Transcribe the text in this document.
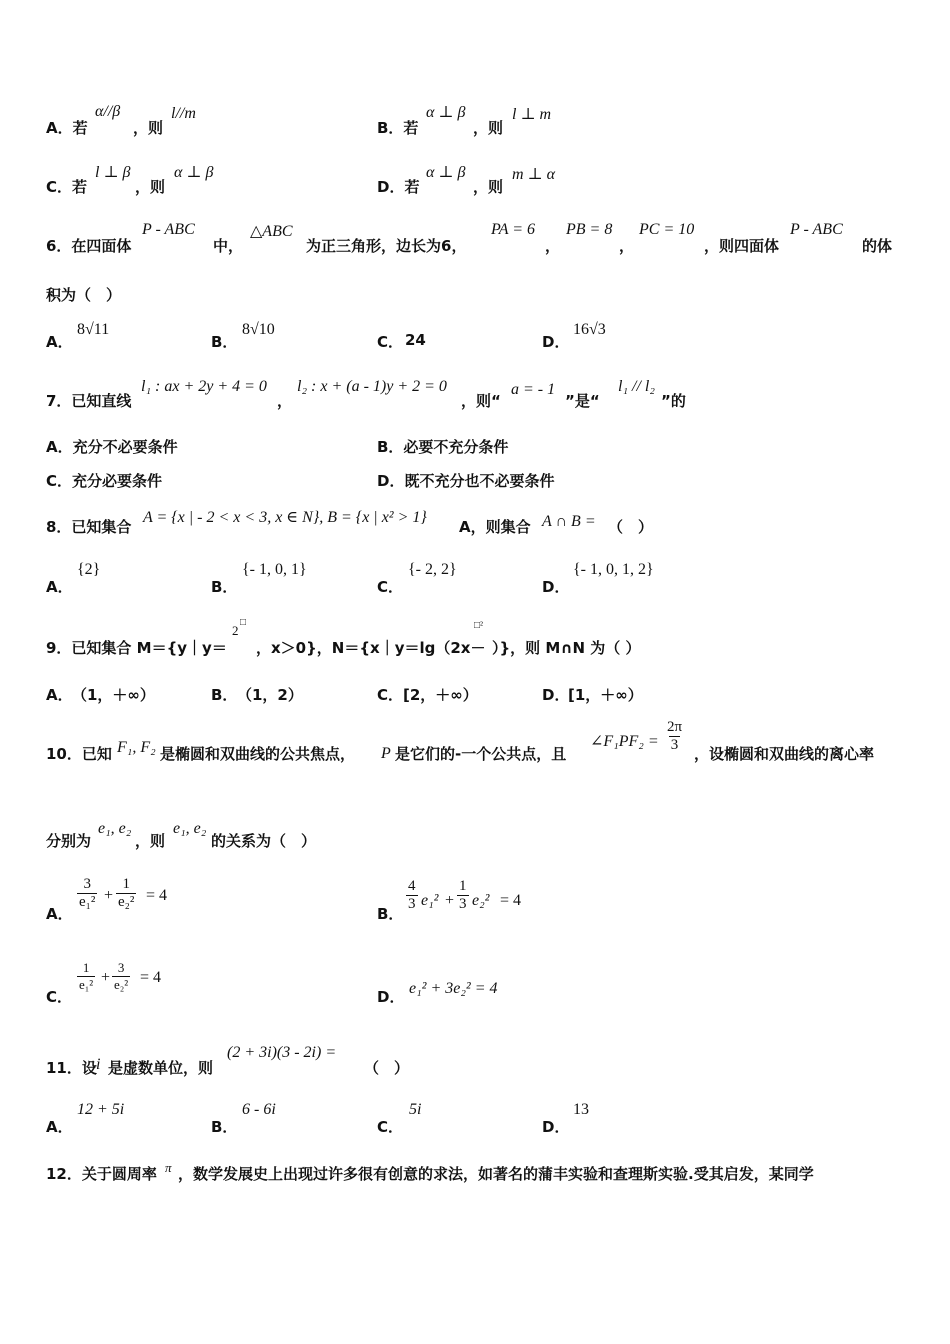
A．若
α//β
，则
l//m
B．若
α ⊥ β
，则
l ⊥ m
C．若
l ⊥ β
，则
α ⊥ β
D．若
α ⊥ β
，则
m ⊥ α
6．在四面体
P - ABC
中，
△ABC
为正三角形，边长为6，
PA = 6
，
PB = 8
，
PC = 10
，则四面体
P - ABC
的体
积为（　）
A．
8√11
B．
8√10
C． 24	D．
16√3
7．已知直线
l₁ : ax + 2y + 4 = 0
，
l₂ : x + (a - 1)y + 2 = 0
，则“
a = - 1
”是“
l₁ // l₂
”的
A．充分不必要条件	B．必要不充分条件
C．充分必要条件	D．既不充分也不必要条件
8．已知集合
A = {x | - 2 < x < 3, x ∈ N}, B = {x | x² > 1}
A，则集合 A ∩ B = （　）
A．
{2}
B．
{- 1, 0, 1}
C．
{- 2, 2}
D．
{- 1, 0, 1, 2}
9．已知集合 M＝{y｜y＝
2
□
，x＞0}，N＝{x｜y＝lg（2x－
□²
）}，则 M∩N 为（ ）
A． （1，＋∞）	B． （1，2）	C． [2，＋∞）	D．
[1，＋∞）
10．已知 F₁, F₂ 是椭圆和双曲线的公共焦点， P 是它们的-一个公共点，且
∠F₁PF₂ = $\frac{2\pi}{3}$ ，设椭圆和双曲线的离心率
分别为
e₁, e₂
，则
e₁, e₂
的关系为（　）
A．
$\frac{3}{\text{e₁²}} + \frac{1}{\text{e₂²}} = 4$
B．
$\frac{4}{3} e_1^2 + \frac{1}{3} e_2^2 = 4$
C．
$\frac{1}{\text{e₁²}} + \frac{3}{\text{e₂²}} = 4$
D． e₁² + 3e₂² = 4
11．设 i 是虚数单位，则
(2 + 3i)(3 - 2i) =
（　）
A．
12 + 5i
B．
6 - 6i
C．
5i
D．
13
12．关于圆周率 π ，数学发展史上出现过许多很有创意的求法，如著名的蒲丰实验和查理斯实验.受其启发，某同学
